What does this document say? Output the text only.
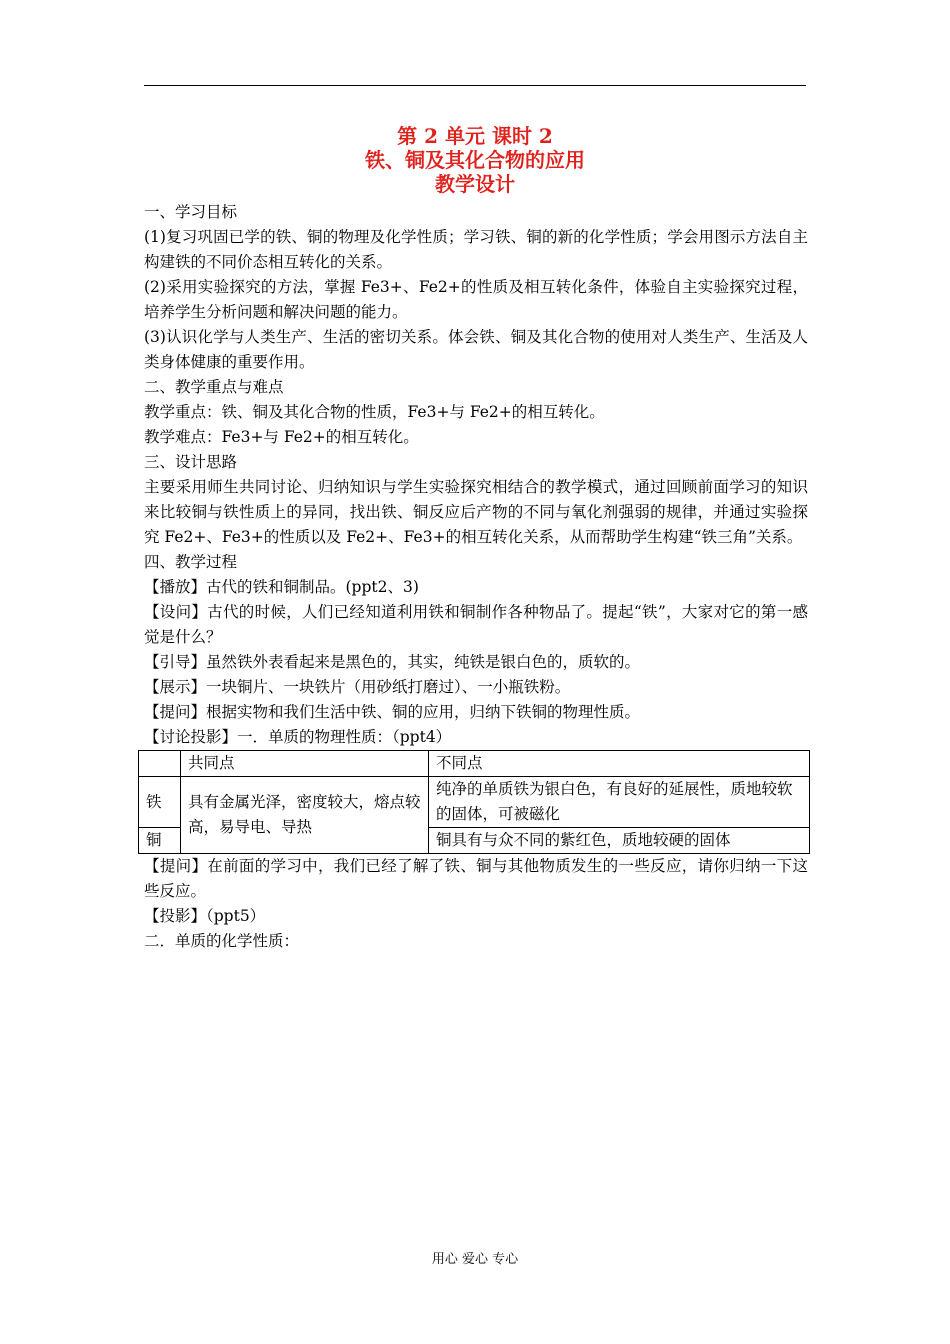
第 2 单元 课时 2
铁、铜及其化合物的应用
教学设计

一、学习目标

(1)复习巩固已学的铁、铜的物理及化学性质；学习铁、铜的新的化学性质；学会用图示方法自主构建铁的不同价态相互转化的关系。

(2)采用实验探究的方法，掌握 Fe3+、Fe2+的性质及相互转化条件，体验自主实验探究过程，培养学生分析问题和解决问题的能力。

(3)认识化学与人类生产、生活的密切关系。体会铁、铜及其化合物的使用对人类生产、生活及人类身体健康的重要作用。

二、教学重点与难点

教学重点：铁、铜及其化合物的性质，Fe3+与 Fe2+的相互转化。

教学难点：Fe3+与 Fe2+的相互转化。

三、设计思路

主要采用师生共同讨论、归纳知识与学生实验探究相结合的教学模式，通过回顾前面学习的知识来比较铜与铁性质上的异同，找出铁、铜反应后产物的不同与氧化剂强弱的规律，并通过实验探究 Fe2+、Fe3+的性质以及 Fe2+、Fe3+的相互转化关系，从而帮助学生构建“铁三角”关系。

四、教学过程

【播放】古代的铁和铜制品。(ppt2、3)

【设问】古代的时候，人们已经知道利用铁和铜制作各种物品了。提起“铁”，大家对它的第一感觉是什么？

【引导】虽然铁外表看起来是黑色的，其实，纯铁是银白色的，质软的。

【展示】一块铜片、一块铁片（用砂纸打磨过）、一小瓶铁粉。

【提问】根据实物和我们生活中铁、铜的应用，归纳下铁铜的物理性质。

【讨论投影】一．单质的物理性质：（ppt4）

	共同点	不同点
铁	具有金属光泽，密度较大，熔点较高，易导电、导热	纯净的单质铁为银白色，有良好的延展性，质地较软的固体，可被磁化
铜		铜具有与众不同的紫红色，质地较硬的固体

【提问】在前面的学习中，我们已经了解了铁、铜与其他物质发生的一些反应，请你归纳一下这些反应。

【投影】（ppt5）

二．单质的化学性质：

用心 爱心 专心
